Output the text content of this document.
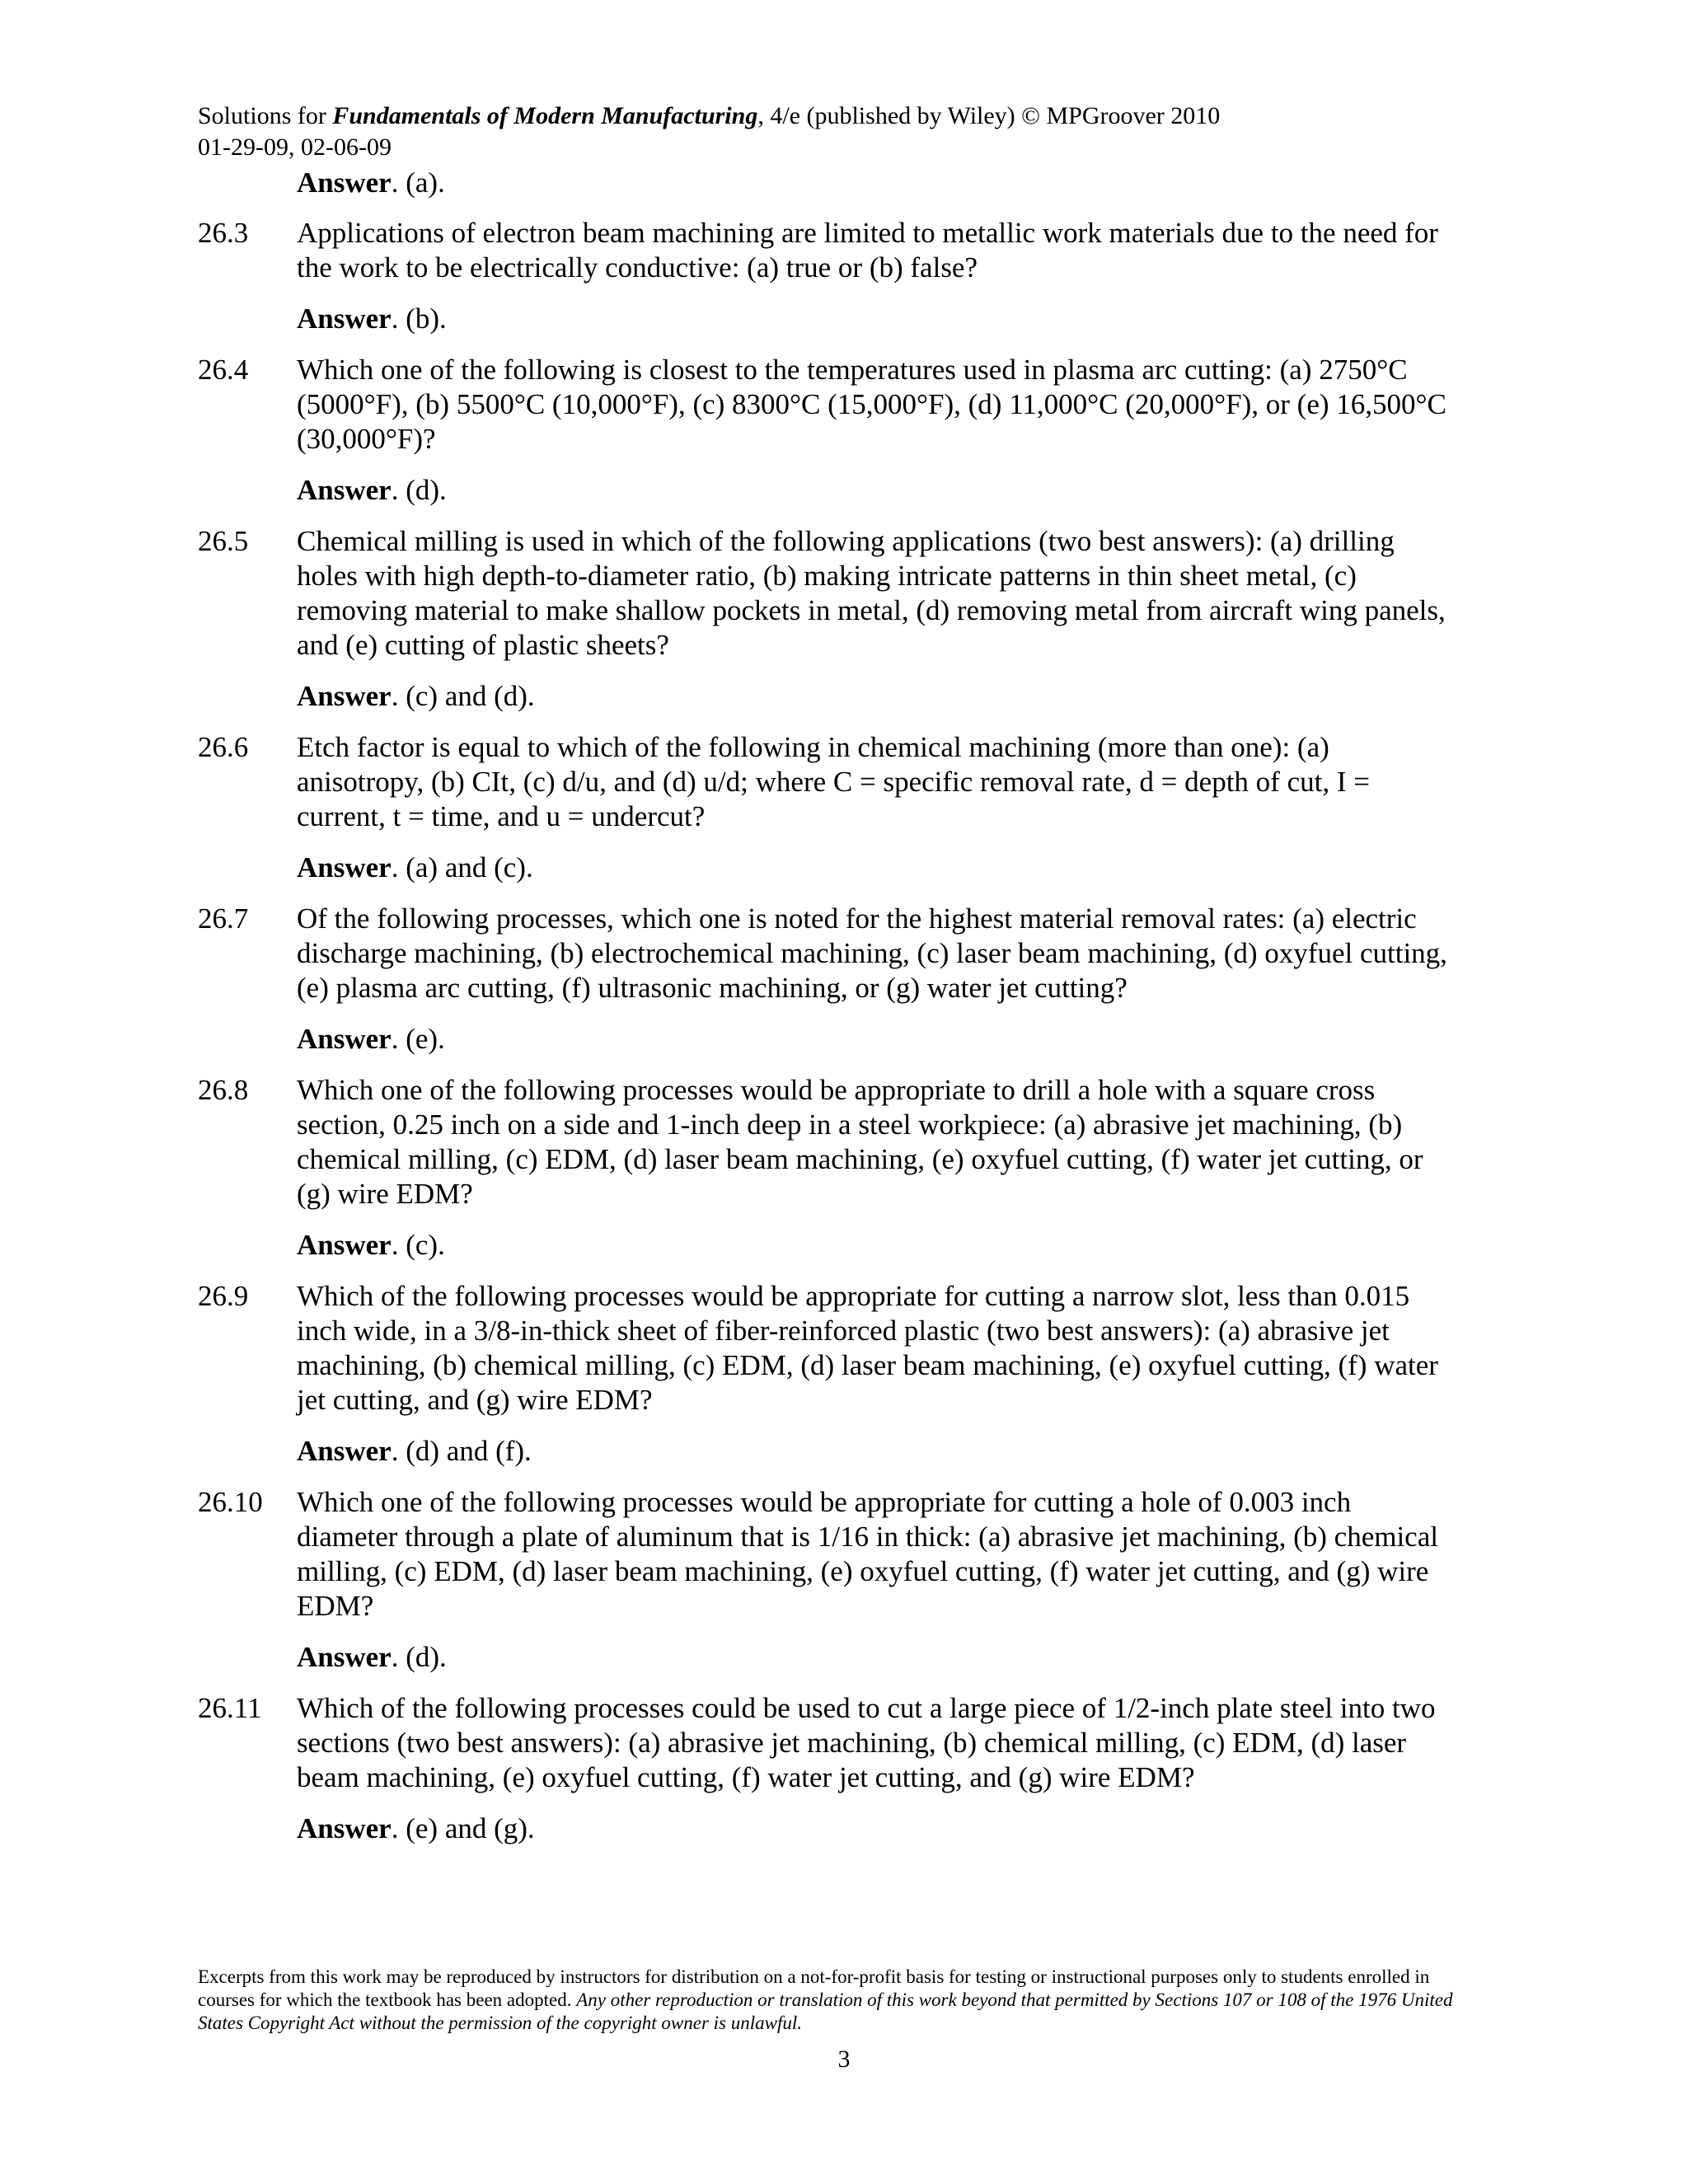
Solutions for Fundamentals of Modern Manufacturing, 4/e (published by Wiley) © MPGroover 2010
01-29-09, 02-06-09
Answer. (a).
26.3 Applications of electron beam machining are limited to metallic work materials due to the need for
the work to be electrically conductive: (a) true or (b) false?
Answer. (b).
26.4 Which one of the following is closest to the temperatures used in plasma arc cutting: (a) 2750°C
(5000°F), (b) 5500°C (10,000°F), (c) 8300°C (15,000°F), (d) 11,000°C (20,000°F), or (e) 16,500°C
(30,000°F)?
Answer. (d).
26.5 Chemical milling is used in which of the following applications (two best answers): (a) drilling
holes with high depth-to-diameter ratio, (b) making intricate patterns in thin sheet metal, (c)
removing material to make shallow pockets in metal, (d) removing metal from aircraft wing panels,
and (e) cutting of plastic sheets?
Answer. (c) and (d).
26.6 Etch factor is equal to which of the following in chemical machining (more than one): (a)
anisotropy, (b) CIt, (c) d/u, and (d) u/d; where C = specific removal rate, d = depth of cut, I =
current, t = time, and u = undercut?
Answer. (a) and (c).
26.7 Of the following processes, which one is noted for the highest material removal rates: (a) electric
discharge machining, (b) electrochemical machining, (c) laser beam machining, (d) oxyfuel cutting,
(e) plasma arc cutting, (f) ultrasonic machining, or (g) water jet cutting?
Answer. (e).
26.8 Which one of the following processes would be appropriate to drill a hole with a square cross
section, 0.25 inch on a side and 1-inch deep in a steel workpiece: (a) abrasive jet machining, (b)
chemical milling, (c) EDM, (d) laser beam machining, (e) oxyfuel cutting, (f) water jet cutting, or
(g) wire EDM?
Answer. (c).
26.9 Which of the following processes would be appropriate for cutting a narrow slot, less than 0.015
inch wide, in a 3/8-in-thick sheet of fiber-reinforced plastic (two best answers): (a) abrasive jet
machining, (b) chemical milling, (c) EDM, (d) laser beam machining, (e) oxyfuel cutting, (f) water
jet cutting, and (g) wire EDM?
Answer. (d) and (f).
26.10 Which one of the following processes would be appropriate for cutting a hole of 0.003 inch
diameter through a plate of aluminum that is 1/16 in thick: (a) abrasive jet machining, (b) chemical
milling, (c) EDM, (d) laser beam machining, (e) oxyfuel cutting, (f) water jet cutting, and (g) wire
EDM?
Answer. (d).
26.11 Which of the following processes could be used to cut a large piece of 1/2-inch plate steel into two
sections (two best answers): (a) abrasive jet machining, (b) chemical milling, (c) EDM, (d) laser
beam machining, (e) oxyfuel cutting, (f) water jet cutting, and (g) wire EDM?
Answer. (e) and (g).
Excerpts from this work may be reproduced by instructors for distribution on a not-for-profit basis for testing or instructional purposes only to students enrolled in courses for which the textbook has been adopted. Any other reproduction or translation of this work beyond that permitted by Sections 107 or 108 of the 1976 United States Copyright Act without the permission of the copyright owner is unlawful.
3
